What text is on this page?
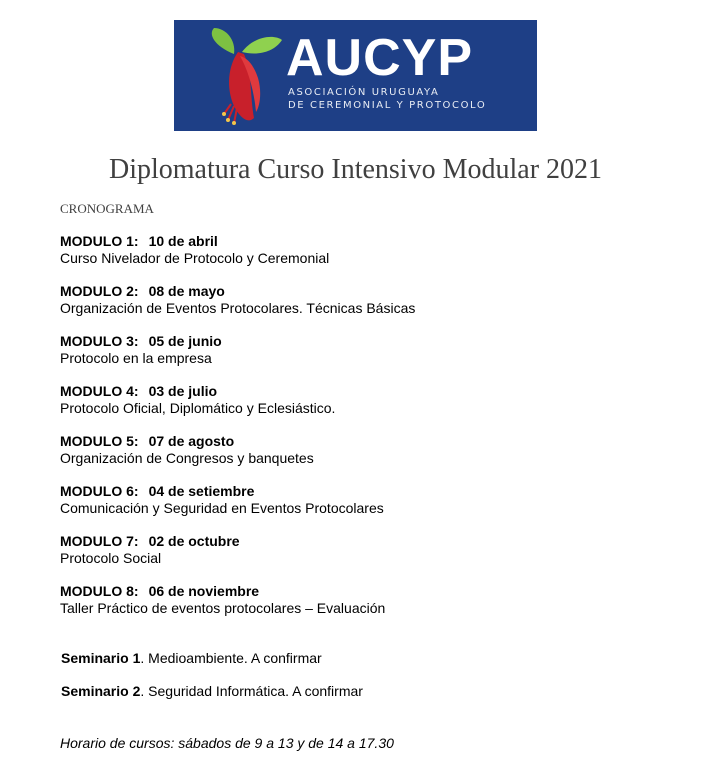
AUCYP
ASOCIACIÓN URUGUAYA
DE CEREMONIAL Y PROTOCOLO
Diplomatura Curso Intensivo Modular 2021
CRONOGRAMA
MODULO 1: 10 de abril
Curso Nivelador de Protocolo y Ceremonial
MODULO 2: 08 de mayo
Organización de Eventos Protocolares. Técnicas Básicas
MODULO 3: 05 de junio
Protocolo en la empresa
MODULO 4: 03 de julio
Protocolo Oficial, Diplomático y Eclesiástico.
MODULO 5: 07 de agosto
Organización de Congresos y banquetes
MODULO 6: 04 de setiembre
Comunicación y Seguridad en Eventos Protocolares
MODULO 7: 02 de octubre
Protocolo Social
MODULO 8: 06 de noviembre
Taller Práctico de eventos protocolares – Evaluación
Seminario 1. Medioambiente. A confirmar
Seminario 2. Seguridad Informática. A confirmar
Horario de cursos: sábados de 9 a 13 y de 14 a 17.30
